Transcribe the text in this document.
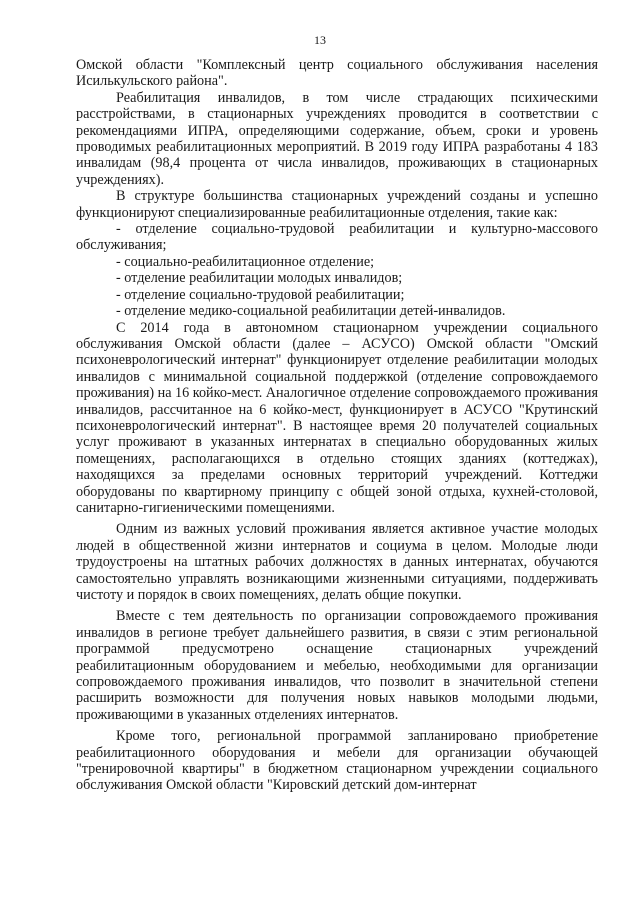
13

Омской области "Комплексный центр социального обслуживания населения Исилькульского района".

Реабилитация инвалидов, в том числе страдающих психическими расстройствами, в стационарных учреждениях проводится в соответствии с рекомендациями ИПРА, определяющими содержание, объем, сроки и уровень проводимых реабилитационных мероприятий. В 2019 году ИПРА разработаны 4 183 инвалидам (98,4 процента от числа инвалидов, проживающих в стационарных учреждениях).

В структуре большинства стационарных учреждений созданы и успешно функционируют специализированные реабилитационные отделения, такие как:

- отделение социально-трудовой реабилитации и культурно-массового обслуживания;

- социально-реабилитационное отделение;

- отделение реабилитации молодых инвалидов;

- отделение социально-трудовой реабилитации;

- отделение медико-социальной реабилитации детей-инвалидов.

С 2014 года в автономном стационарном учреждении социального обслуживания Омской области (далее – АСУСО) Омской области "Омский психоневрологический интернат" функционирует отделение реабилитации молодых инвалидов с минимальной социальной поддержкой (отделение сопровождаемого проживания) на 16 койко-мест. Аналогичное отделение сопровождаемого проживания инвалидов, рассчитанное на 6 койко-мест, функционирует в АСУСО "Крутинский психоневрологический интернат". В настоящее время 20 получателей социальных услуг проживают в указанных интернатах в специально оборудованных жилых помещениях, располагающихся в отдельно стоящих зданиях (коттеджах), находящихся за пределами основных территорий учреждений. Коттеджи оборудованы по квартирному принципу с общей зоной отдыха, кухней-столовой, санитарно-гигиеническими помещениями.

Одним из важных условий проживания является активное участие молодых людей в общественной жизни интернатов и социума в целом. Молодые люди трудоустроены на штатных рабочих должностях в данных интернатах, обучаются самостоятельно управлять возникающими жизненными ситуациями, поддерживать чистоту и порядок в своих помещениях, делать общие покупки.

Вместе с тем деятельность по организации сопровождаемого проживания инвалидов в регионе требует дальнейшего развития, в связи с этим региональной программой предусмотрено оснащение стационарных учреждений реабилитационным оборудованием и мебелью, необходимыми для организации сопровождаемого проживания инвалидов, что позволит в значительной степени расширить возможности для получения новых навыков молодыми людьми, проживающими в указанных отделениях интернатов.

Кроме того, региональной программой запланировано приобретение реабилитационного оборудования и мебели для организации обучающей "тренировочной квартиры" в бюджетном стационарном учреждении социального обслуживания Омской области "Кировский детский дом-интернат
